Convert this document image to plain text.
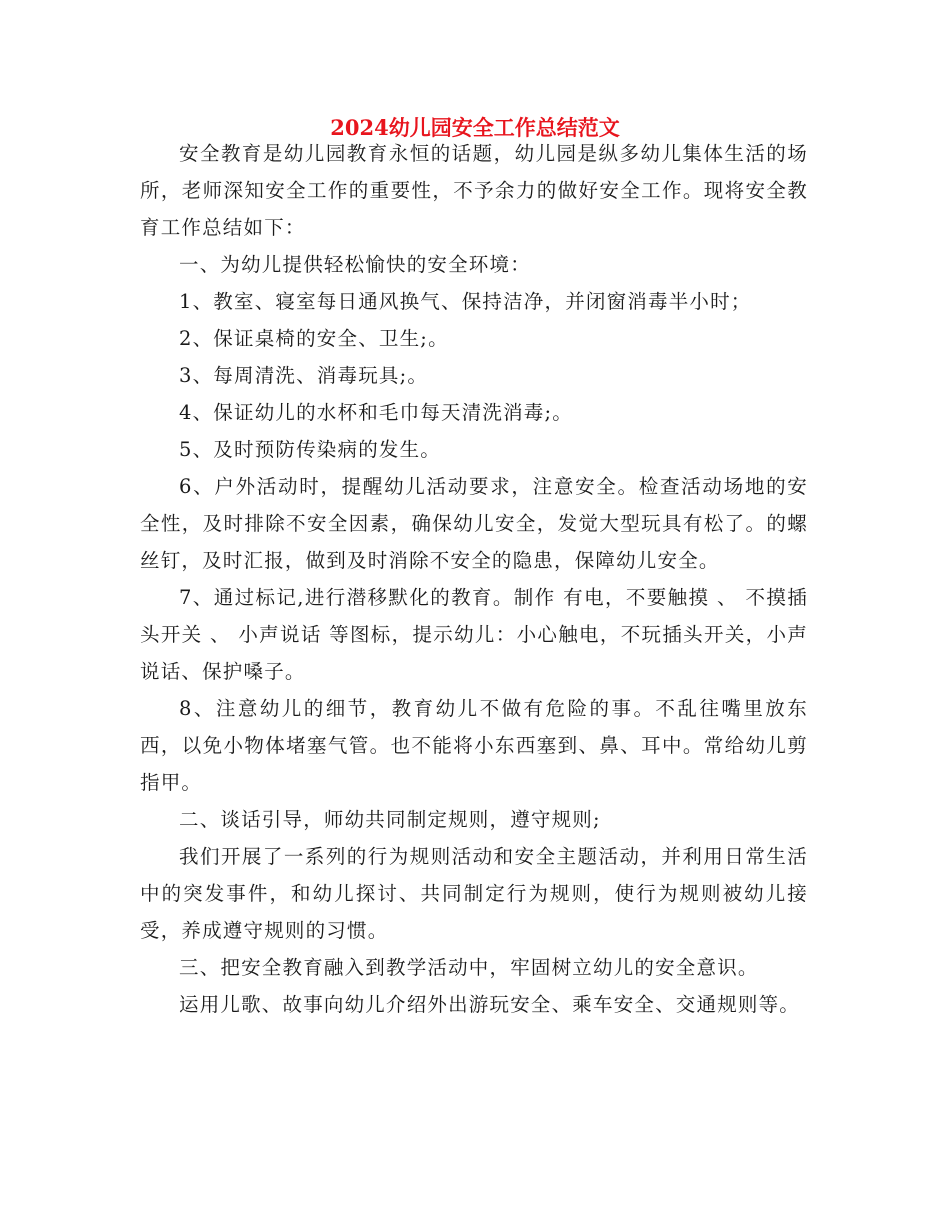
2024幼儿园安全工作总结范文

安全教育是幼儿园教育永恒的话题，幼儿园是纵多幼儿集体生活的场所，老师深知安全工作的重要性，不予余力的做好安全工作。现将安全教育工作总结如下：

一、为幼儿提供轻松愉快的安全环境：

1、教室、寝室每日通风换气、保持洁净，并闭窗消毒半小时；

2、保证桌椅的安全、卫生;。

3、每周清洗、消毒玩具;。

4、保证幼儿的水杯和毛巾每天清洗消毒;。

5、及时预防传染病的发生。

6、户外活动时，提醒幼儿活动要求，注意安全。检查活动场地的安全性，及时排除不安全因素，确保幼儿安全，发觉大型玩具有松了。的螺丝钉，及时汇报，做到及时消除不安全的隐患，保障幼儿安全。

7、通过标记,进行潜移默化的教育。制作 有电，不要触摸 、 不摸插头开关 、 小声说话 等图标，提示幼儿：小心触电，不玩插头开关，小声说话、保护嗓子。

8、注意幼儿的细节，教育幼儿不做有危险的事。不乱往嘴里放东西，以免小物体堵塞气管。也不能将小东西塞到、鼻、耳中。常给幼儿剪指甲。

二、谈话引导，师幼共同制定规则，遵守规则;

我们开展了一系列的行为规则活动和安全主题活动，并利用日常生活中的突发事件，和幼儿探讨、共同制定行为规则，使行为规则被幼儿接受，养成遵守规则的习惯。

三、把安全教育融入到教学活动中，牢固树立幼儿的安全意识。

运用儿歌、故事向幼儿介绍外出游玩安全、乘车安全、交通规则等。
